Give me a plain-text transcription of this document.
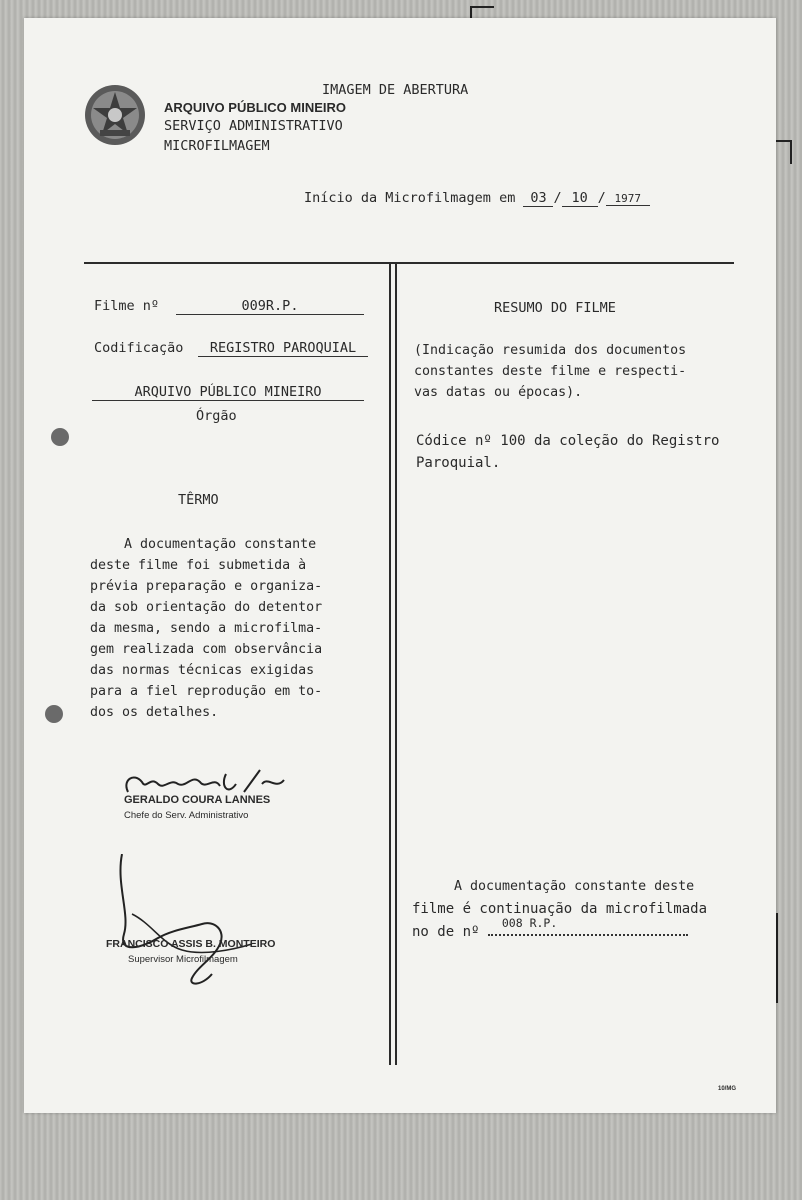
IMAGEM DE ABERTURA
ARQUIVO PÚBLICO MINEIRO
SERVIÇO ADMINISTRATIVO
MICROFILMAGEM
Início da Microfilmagem em 03 / 10 / 1977
Filme nº	009R.P.
Codificação	REGISTRO PAROQUIAL
ARQUIVO PÚBLICO MINEIRO
Órgão
TÊRMO
A documentação constante
deste filme foi submetida à
prévia preparação e organiza-
da sob orientação do detentor
da mesma, sendo a microfilma-
gem realizada com observância
das normas técnicas exigidas
para a fiel reprodução em to-
dos os detalhes.
GERALDO COURA LANNES
Chefe do Serv. Administrativo
FRANCISCO ASSIS B. MONTEIRO
Supervisor Microfilmagem
RESUMO DO FILME
(Indicação resumida dos documentos
constantes deste filme e respecti-
vas datas ou épocas).
Códice nº 100 da coleção do Registro
Paroquial.
A documentação constante deste
filme é continuação da microfilmada
no de nº
008 R.P.
10/MG
